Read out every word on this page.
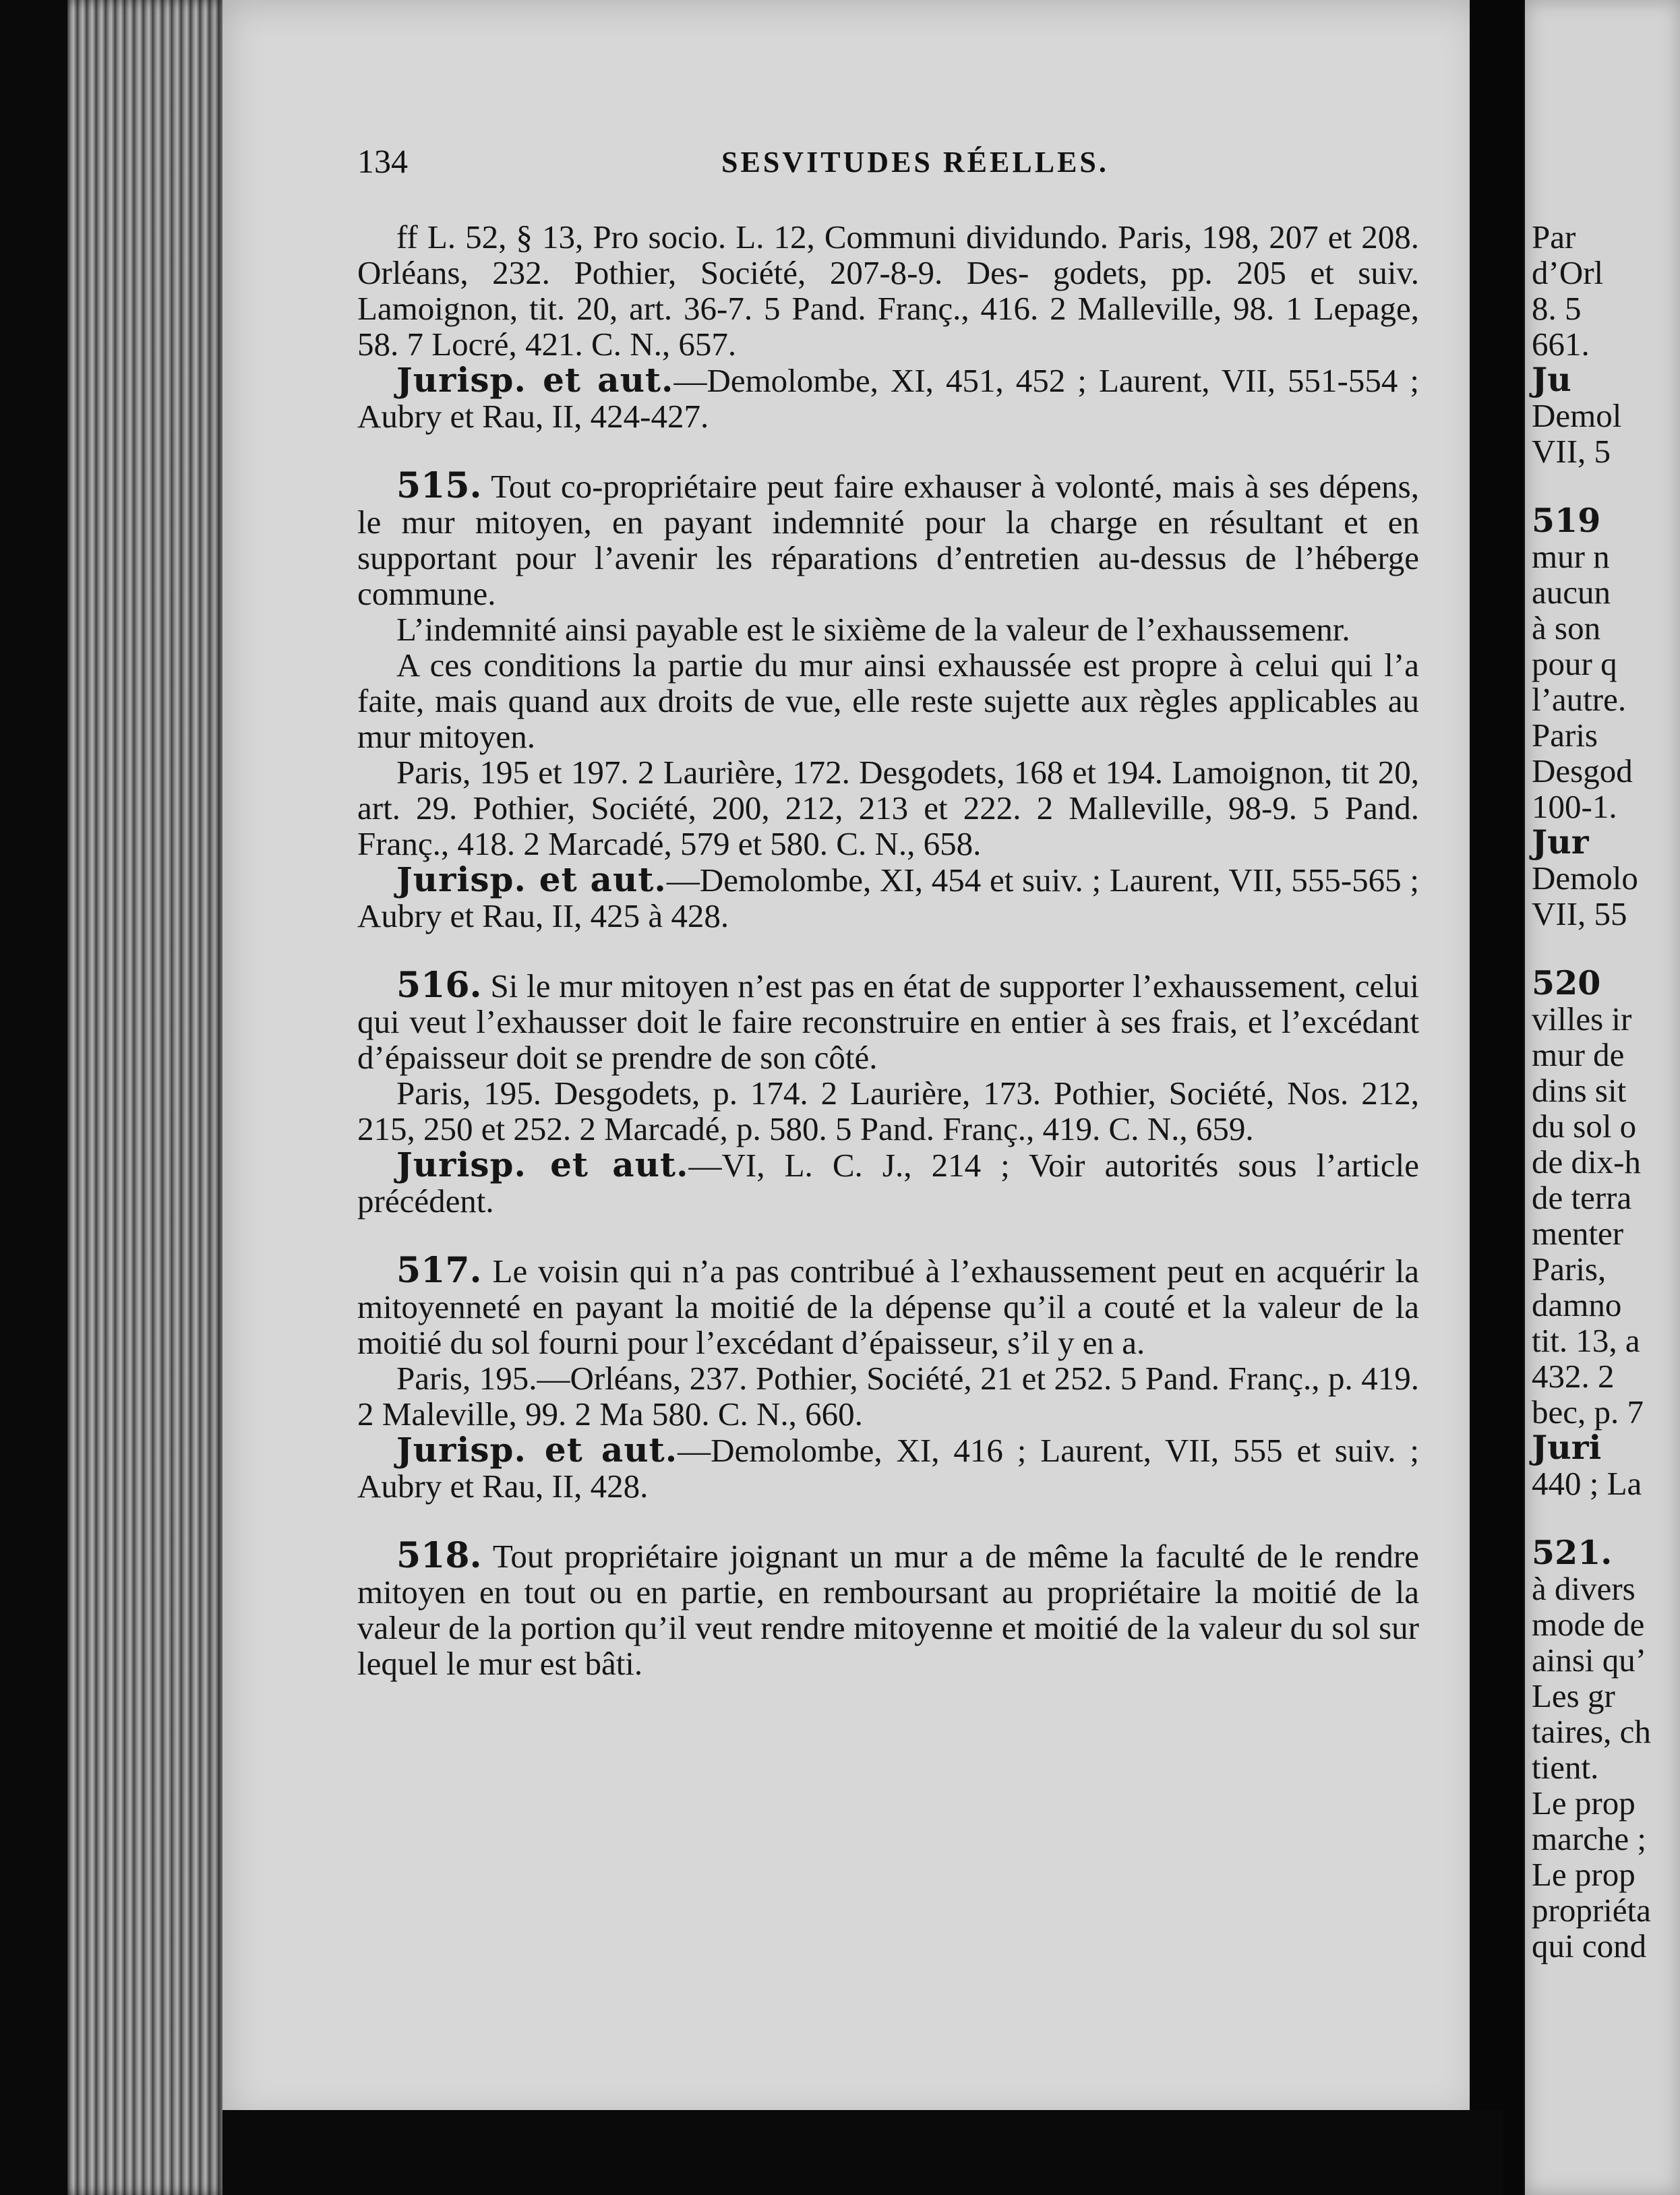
134	SESVITUDES RÉELLES.

ff L. 52, § 13, Pro socio. L. 12, Communi dividundo. Paris, 198, 207 et 208. Orléans, 232. Pothier, Société, 207-8-9. Des- godets, pp. 205 et suiv. Lamoignon, tit. 20, art. 36-7. 5 Pand. Franç., 416. 2 Malleville, 98. 1 Lepage, 58. 7 Locré, 421. C. N., 657.

Jurisp. et aut.—Demolombe, XI, 451, 452 ; Laurent, VII, 551-554 ; Aubry et Rau, II, 424-427.

515. Tout co-propriétaire peut faire exhauser à volonté, mais à ses dépens, le mur mitoyen, en payant indemnité pour la charge en résultant et en supportant pour l’avenir les réparations d’entretien au-dessus de l’héberge commune.

L’indemnité ainsi payable est le sixième de la valeur de l’exhaussemenr.

A ces conditions la partie du mur ainsi exhaussée est propre à celui qui l’a faite, mais quand aux droits de vue, elle reste sujette aux règles applicables au mur mitoyen.

Paris, 195 et 197. 2 Laurière, 172. Desgodets, 168 et 194. Lamoignon, tit 20, art. 29. Pothier, Société, 200, 212, 213 et 222. 2 Malleville, 98-9. 5 Pand. Franç., 418. 2 Marcadé, 579 et 580. C. N., 658.

Jurisp. et aut.—Demolombe, XI, 454 et suiv. ; Laurent, VII, 555-565 ; Aubry et Rau, II, 425 à 428.

516. Si le mur mitoyen n’est pas en état de supporter l’exhaussement, celui qui veut l’exhausser doit le faire reconstruire en entier à ses frais, et l’excédant d’épaisseur doit se prendre de son côté.

Paris, 195. Desgodets, p. 174. 2 Laurière, 173. Pothier, Société, Nos. 212, 215, 250 et 252. 2 Marcadé, p. 580. 5 Pand. Franç., 419. C. N., 659.

Jurisp. et aut.—VI, L. C. J., 214 ; Voir autorités sous l’article précédent.

517. Le voisin qui n’a pas contribué à l’exhaussement peut en acquérir la mitoyenneté en payant la moitié de la dépense qu’il a couté et la valeur de la moitié du sol fourni pour l’excédant d’épaisseur, s’il y en a.

Paris, 195.—Orléans, 237. Pothier, Société, 21 et 252. 5 Pand. Franç., p. 419. 2 Maleville, 99. 2 Ma 580. C. N., 660.

Jurisp. et aut.—Demolombe, XI, 416 ; Laurent, VII, 555 et suiv. ; Aubry et Rau, II, 428.

518. Tout propriétaire joignant un mur a de même la faculté de le rendre mitoyen en tout ou en partie, en remboursant au propriétaire la moitié de la valeur de la portion qu’il veut rendre mitoyenne et moitié de la valeur du sol sur lequel le mur est bâti.

Par
d’Orl
8. 5
661.
Ju
Demol
VII, 5
519
mur n
aucun
à son
pour q
l’autre.
Paris
Desgod
100-1.
Jur
Demolo
VII, 55
520
villes ir
mur de
dins sit
du sol o
de dix-h
de terra
menter
Paris,
damno
tit. 13, a
432. 2
bec, p. 7
Juri
440 ; La
521.
à divers
mode de
ainsi qu’
Les gr
taires, ch
tient.
Le prop
marche ;
Le prop
propriéta
qui cond
